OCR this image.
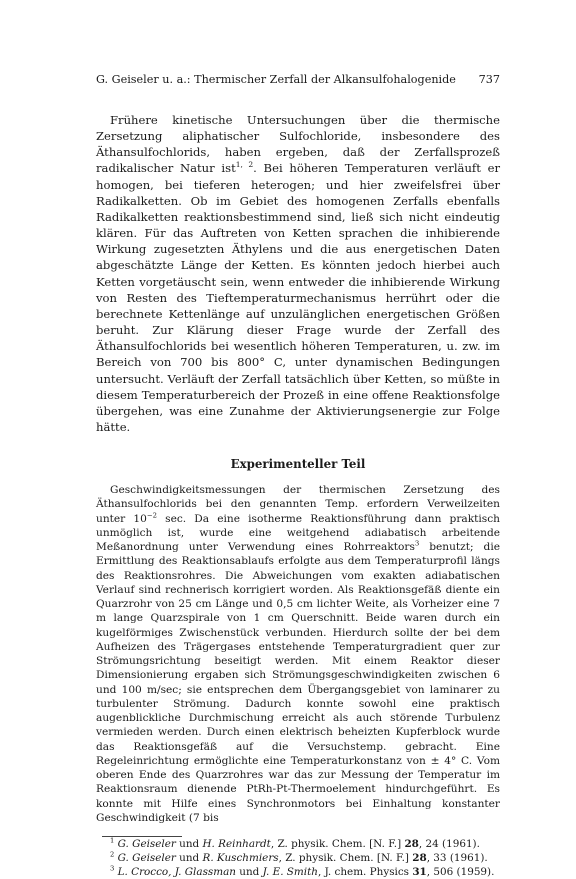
G. Geiseler u. a.: Thermischer Zerfall der Alkansulfohalogenide 737

Frühere kinetische Untersuchungen über die thermische Zersetzung aliphatischer Sulfochloride, insbesondere des Äthansulfochlorids, haben ergeben, daß der Zerfallsprozeß radikalischer Natur ist$^{1, 2}$. Bei höheren Temperaturen verläuft er homogen, bei tieferen heterogen; und hier zweifelsfrei über Radikalketten. Ob im Gebiet des homogenen Zerfalls ebenfalls Radikalketten reaktionsbestimmend sind, ließ sich nicht eindeutig klären. Für das Auftreten von Ketten sprachen die inhibierende Wirkung zugesetzten Äthylens und die aus energetischen Daten abgeschätzte Länge der Ketten. Es könnten jedoch hierbei auch Ketten vorgetäuscht sein, wenn entweder die inhibierende Wirkung von Resten des Tieftemperaturmechanismus herrührt oder die berechnete Kettenlänge auf unzulänglichen energetischen Größen beruht. Zur Klärung dieser Frage wurde der Zerfall des Äthansulfochlorids bei wesentlich höheren Temperaturen, u. zw. im Bereich von 700 bis 800° C, unter dynamischen Bedingungen untersucht. Verläuft der Zerfall tatsächlich über Ketten, so müßte in diesem Temperaturbereich der Prozeß in eine offene Reaktionsfolge übergehen, was eine Zunahme der Aktivierungsenergie zur Folge hätte.

Experimenteller Teil

Geschwindigkeitsmessungen der thermischen Zersetzung des Äthansulfochlorids bei den genannten Temp. erfordern Verweilzeiten unter $10^{-2}$ sec. Da eine isotherme Reaktionsführung dann praktisch unmöglich ist, wurde eine weitgehend adiabatisch arbeitende Meßanordnung unter Verwendung eines Rohrreaktors$^3$ benutzt; die Ermittlung des Reaktionsablaufs erfolgte aus dem Temperaturprofil längs des Reaktionsrohres. Die Abweichungen vom exakten adiabatischen Verlauf sind rechnerisch korrigiert worden. Als Reaktionsgefäß diente ein Quarzrohr von 25 cm Länge und 0,5 cm lichter Weite, als Vorheizer eine 7 m lange Quarzspirale von 1 cm Querschnitt. Beide waren durch ein kugelförmiges Zwischenstück verbunden. Hierdurch sollte der bei dem Aufheizen des Trägergases entstehende Temperaturgradient quer zur Strömungsrichtung beseitigt werden. Mit einem Reaktor dieser Dimensionierung ergaben sich Strömungsgeschwindigkeiten zwischen 6 und 100 m/sec; sie entsprechen dem Übergangsgebiet von laminarer zu turbulenter Strömung. Dadurch konnte sowohl eine praktisch augenblickliche Durchmischung erreicht als auch störende Turbulenz vermieden werden. Durch einen elektrisch beheizten Kupferblock wurde das Reaktionsgefäß auf die Versuchstemp. gebracht. Eine Regeleinrichtung ermöglichte eine Temperaturkonstanz von ± 4° C. Vom oberen Ende des Quarzrohres war das zur Messung der Temperatur im Reaktionsraum dienende PtRh-Pt-Thermoelement hindurchgeführt. Es konnte mit Hilfe eines Synchronmotors bei Einhaltung konstanter Geschwindigkeit (7 bis

$^1$ G. Geiseler und H. Reinhardt, Z. physik. Chem. [N. F.] 28, 24 (1961).
$^2$ G. Geiseler und R. Kuschmiers, Z. physik. Chem. [N. F.] 28, 33 (1961).
$^3$ L. Crocco, J. Glassman und J. E. Smith, J. chem. Physics 31, 506 (1959).
